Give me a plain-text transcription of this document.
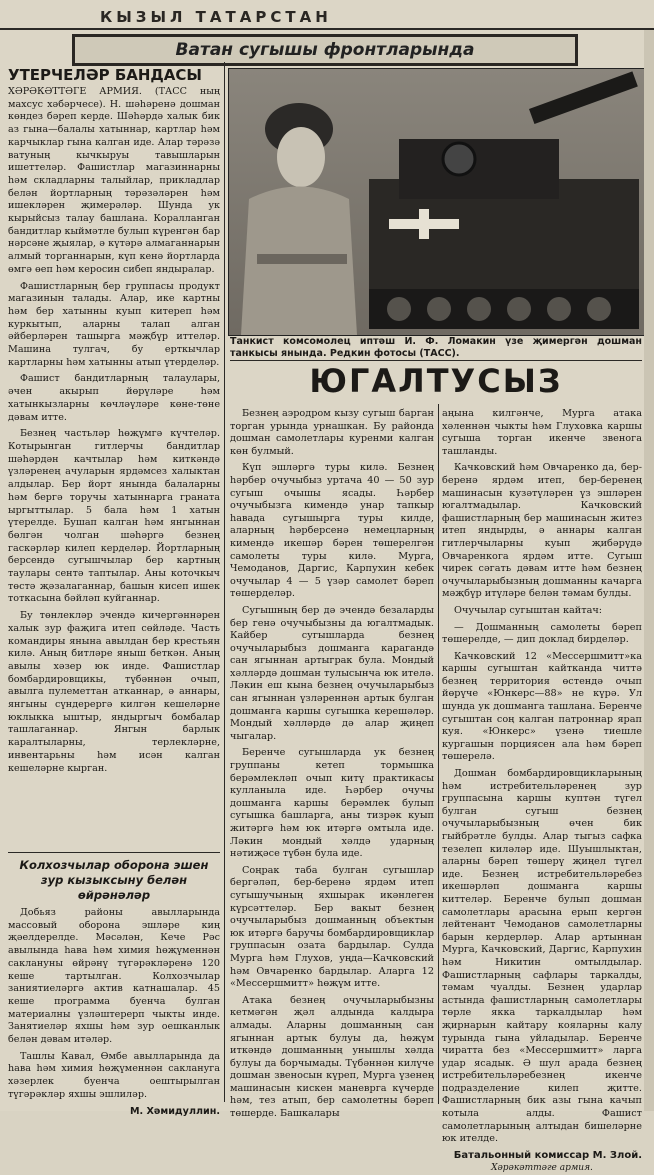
КЫЗЫЛ ТАТАРСТАН
Ватан сугышы фронтларында
УТЕРЧЕЛӘР БАНДАСЫ

ХӘРӘКӘТТӘГЕ АРМИЯ. (ТАСС ның махсус хәбәрчесе). Н. шәһәренә дошман көндез бәреп керде. Шәһәрдә халык бик аз гына—балалы хатыннар, картлар һәм карчыклар гына калган иде. Алар тәрәзә ватуның кычкыруы тавышларын ишеттеләр. Фашистлар магазиннарны һәм складларны талыйлар, прикладлар белән йортларның тәрәзәләрен һәм ишекләрен җимерәләр. Шунда ук кырыйсыз талау башлана. Коралланган бандитлар кыймәтле булып күренгән бар нәрсәне җыялар, ә күтәрә алмаганнарын алмый торганнарын, күп кенә йортларда өмгә өеп һәм керосин сибеп яндыралар.

Фашистларның бер группасы продукт магазинын талады. Алар, ике картны һәм бер хатынны куып китереп һәм куркытып, аларны талап алган әйберләрен ташырга мәҗбүр иттеләр. Машина тулгач, бу ерткычлар картларны һәм хатынны атып үтерделәр.

Фашист бандитларның талаулары, әчен акырып йөрүләре һәм хатынкызларны көчләүләре көне-төне дәвам итте.

Безнең частьләр һөҗүмгә күчтеләр. Котырынган гитлерчы бандитлар шәһәрдән качтылар һәм киткәндә үзләренең ачуларын ярдәмсез халыктан алдылар. Бер йорт янында балаларны һәм бергә торучы хатыннарга граната ыргыттылар. 5 бала һәм 1 хатын үтерелде. Бушап калган һәм янгыннан бөлгән чолган шәһәргә безнең гаскәрләр килеп керделәр. Йортларның берсендә сугышчылар бер картның таулары сентә таптылар. Аны коточкыч төстә җәзалаганнар, башын кисеп ишек тоткасына бәйләп куйганнар.

Бу төнлекләр эчендә кичергәннәрен халык зур фаҗига итеп сөйләде. Часть командиры янына авылдан бер крестьян килә. Аның битләре яныш беткән. Аның авылы хәзер юк инде. Фашистлар бомбардировщикы, түбәннән очып, авылга пулеметтан атканнар, ә аннары, янгыны сүндерергә килгән кешеләрне юклыкка ыштыр, яндыргыч бомбалар ташлаганнар. Янгын барлык каралтыларны, терлекләрне, инвентарьны һәм исән калган кешеләрне кырган.

Колхозчылар оборона эшен зур кызыксыну белән өйрәнәләр

Добьяз районы авылларында массовый оборона эшләре киң җәелдерелде. Мәсәлән, Кече Рәс авылында һава һәм химия һөҗүменнән саклануны өйрәнү түгәрәкләренә 120 кеше тартылган. Колхозчылар заниятиеләргә актив катнашалар. 45 кеше программа буенча булган материалны үзләштерерп чыкты инде. Занятиеләр яхшы һәм зур оешканлык белән дәвам итәләр.

Ташлы Кавал, Өмбе авылларында да һава һәм химия һөҗүменнән саклануга хәзерлек буенча оештырылган түгәрәкләр яхшы эшлиләр.

М. Хәмидуллин.
Танкист комсомолец иптәш И. Ф. Ломакин үзе җимергән дошман танкысы янында. Редкин фотосы (ТАСС).
ЮГАЛТУСЫЗ

Безнең аэродром кызу сугыш барган торган урында урнашкан. Бу районда дошман самолетлары куренми калган көн булмый.

Күп эшләргә туры килә. Безнең һәрбер очучыбыз уртача 40 — 50 зур сугыш очышы ясады. Һәрбер очучыбызга кимендә унар тапкыр һавада сугышырга туры килде, аларның һәрберсенә немецларның кимендә икешәр бәрен төшерелгән самолеты туры килә. Мурга, Чемоданов, Даргис, Карпухин кебек очучылар 4 — 5 үзәр самолет бәреп төшерделәр.

Сугышның бер дә эчендә безаларды бер генә очучыбызны да югалтмадык. Кайбер сугышларда безнең очучыларыбыз дошманга карагандә сан ягыннан артыграк була. Мондый хәлләрдә дошман тулысынча юк ителә. Ләкин еш кына безнең очучыларыбыз сан ягыннан үзләреннән артык булган дошманга каршы сугышка керешәләр. Мондый хәлләрдә дә алар җиңеп чыгалар.

Беренче сугышларда ук безнең группаны кетеп тормышка берәмлекләп очып китү практикасы кулланыла иде. Һәрбер очучы дошманга каршы берәмлек булып сугышка башларга, аны тизрәк куып житәргә һәм юк итәргә омтыла иде. Ләкин мондый хәлдә ударның нәтиҗәсе түбән була иде.

Соңрак таба булган сугышлар бергәләп, бер-беренә ярдәм итеп сугышучының яхшырак икәнлеген күрсәттеләр. Бер вакыт безнең очучыларыбыз дошманның объектын юк итәргә баручы бомбардировщиклар группасын озата бардылар. Сулда Мурга һәм Глухов, уңда—Качковский һәм Овчаренко бардылар. Аларга 12 «Мессершмитт» һөҗүм итте.

Атака безнең очучыларыбызны кетмәгән җәл алдында калдыра алмады. Аларны дошманның сан ягыннан артык булуы да, һөҗүм иткәндә дошманның унышлы хәлда булуы да борчымады. Түбәннән килүче дошман звеносын күреп, Мурга үзенең машинасын кискен маневрга күчерде һәм, тез атып, бер самолетны бәреп төшерде. Башкалары

аңына килгәнче, Мурга атака хәленнән чыкты һәм Глуховка каршы сугыша торган икенче звенога ташланды.

Качковский һәм Овчаренко да, бер-беренә ярдәм итеп, бер-беренең машинасын кузәтүләрен үз эшләрен югалтмадылар. Качковский фашистларның бер машинасын житез итеп яндырды, ә аннары калган гитлерчыларны куып җибәрүдә Овчаренкога ярдәм итте. Сугыш чирек сәгать дәвам итте һәм безнең очучыларыбызның дошманны качарга мәҗбүр итүләре белән тәмам булды.

Очучылар сугыштан кайтач:

— Дошманның самолеты бәреп төшерелде, — дип доклад бирделәр.

Качковский 12 «Мессершмитт»ка каршы сугыштан кайтканда читтә безнең территория өстендә очып йөрүче «Юнкерс—88» не күрә. Ул шунда ук дошманга ташлана. Беренче сугыштан соң калган патроннар ярап куя. «Юнкерс» үзенә тиешле кургашын порциясен ала һәм бәреп төшерелә.

Дошман бомбардировщикларының һәм истребительләренең зур группасына каршы куптән түгел булган сугыш безнең очучыларыбызның өчен бик гыйбрәтле булды. Алар тыгыз сафка тезелеп киләләр иде. Шуышлыктан, аларны бәреп төшерү җиңел түгел иде. Безнең истребительләребез икешәрләп дошманга каршы киттеләр. Беренче булып дошман самолетлары арасына ерып кергән лейтенант Чемоданов самолетларны барын кердерләр. Алар артыннан Мурга, Качковский, Даргис, Карпухин һәм Никитин омтылдылар. Фашистларның сафлары таркалды, тәмам чуалды. Безнең ударлар астында фашистларның самолетлары төрле якка таркалдылар һәм җирнарын кайтару кояларны калу турында гына уйладылар. Беренче чиратта без «Мессершмитт» ларга удар ясадык. Ә шул арада безнең истребительләребезнең икенче подразделение килеп җитте. Фашистларның бик азы гына качып котыла алды. Фашист самолетларының алтыдан бишеләрне юк ителде.

Батальонный комиссар М. Злой.
Хәрәкәттәге армия.
